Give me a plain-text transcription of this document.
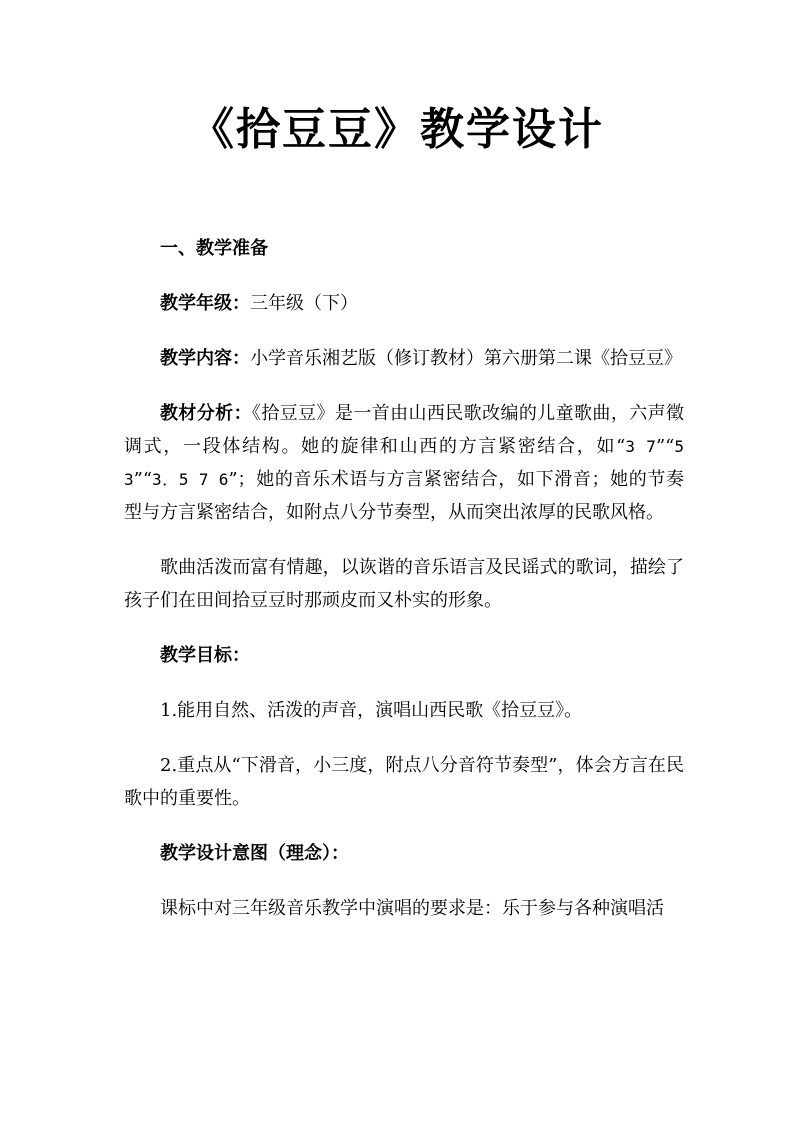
《拾豆豆》教学设计

一、教学准备

教学年级：三年级（下）

教学内容：小学音乐湘艺版（修订教材）第六册第二课《拾豆豆》

教材分析：《拾豆豆》是一首由山西民歌改编的儿童歌曲，六声徵调式，一段体结构。她的旋律和山西的方言紧密结合，如“3 7”“5 3”“3．5 7 6”；她的音乐术语与方言紧密结合，如下滑音；她的节奏型与方言紧密结合，如附点八分节奏型，从而突出浓厚的民歌风格。

歌曲活泼而富有情趣，以诙谐的音乐语言及民谣式的歌词，描绘了孩子们在田间拾豆豆时那顽皮而又朴实的形象。

教学目标：

1.能用自然、活泼的声音，演唱山西民歌《拾豆豆》。

2.重点从“下滑音，小三度，附点八分音符节奏型”，体会方言在民歌中的重要性。

教学设计意图（理念）：

课标中对三年级音乐教学中演唱的要求是：乐于参与各种演唱活
